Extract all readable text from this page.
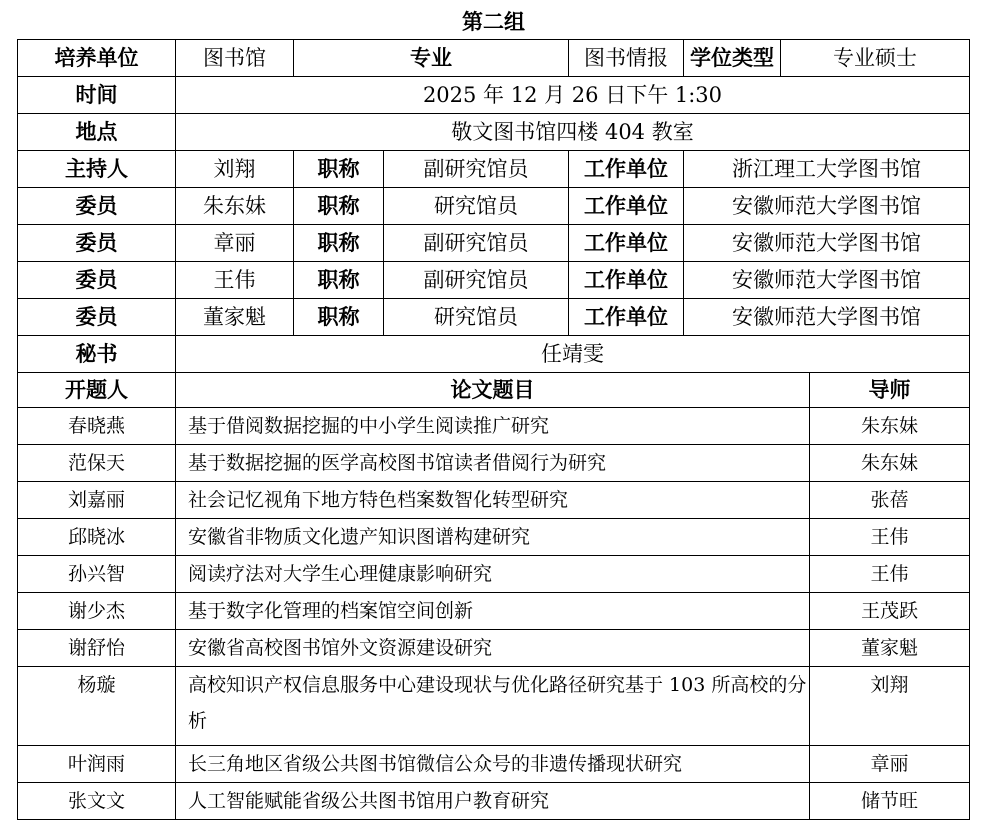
第二组
培养单位	图书馆	专业		图书情报	学位类型	专业硕士
时间	2025 年 12 月 26 日下午 1:30					
地点	敬文图书馆四楼 404 教室					
主持人	刘翔	职称	副研究馆员	工作单位	浙江理工大学图书馆	
委员	朱东妹	职称	研究馆员	工作单位	安徽师范大学图书馆	
委员	章丽	职称	副研究馆员	工作单位	安徽师范大学图书馆	
委员	王伟	职称	副研究馆员	工作单位	安徽师范大学图书馆	
委员	董家魁	职称	研究馆员	工作单位	安徽师范大学图书馆	
秘书	任靖雯					
开题人	论文题目	导师
春晓燕	基于借阅数据挖掘的中小学生阅读推广研究	朱东妹
范保天	基于数据挖掘的医学高校图书馆读者借阅行为研究	朱东妹
刘嘉丽	社会记忆视角下地方特色档案数智化转型研究	张蓓
邱晓冰	安徽省非物质文化遗产知识图谱构建研究	王伟
孙兴智	阅读疗法对大学生心理健康影响研究	王伟
谢少杰	基于数字化管理的档案馆空间创新	王茂跃
谢舒怡	安徽省高校图书馆外文资源建设研究	董家魁
杨璇	高校知识产权信息服务中心建设现状与优化路径研究基于 103 所高校的分析	刘翔
叶润雨	长三角地区省级公共图书馆微信公众号的非遗传播现状研究	章丽
张文文	人工智能赋能省级公共图书馆用户教育研究	储节旺
